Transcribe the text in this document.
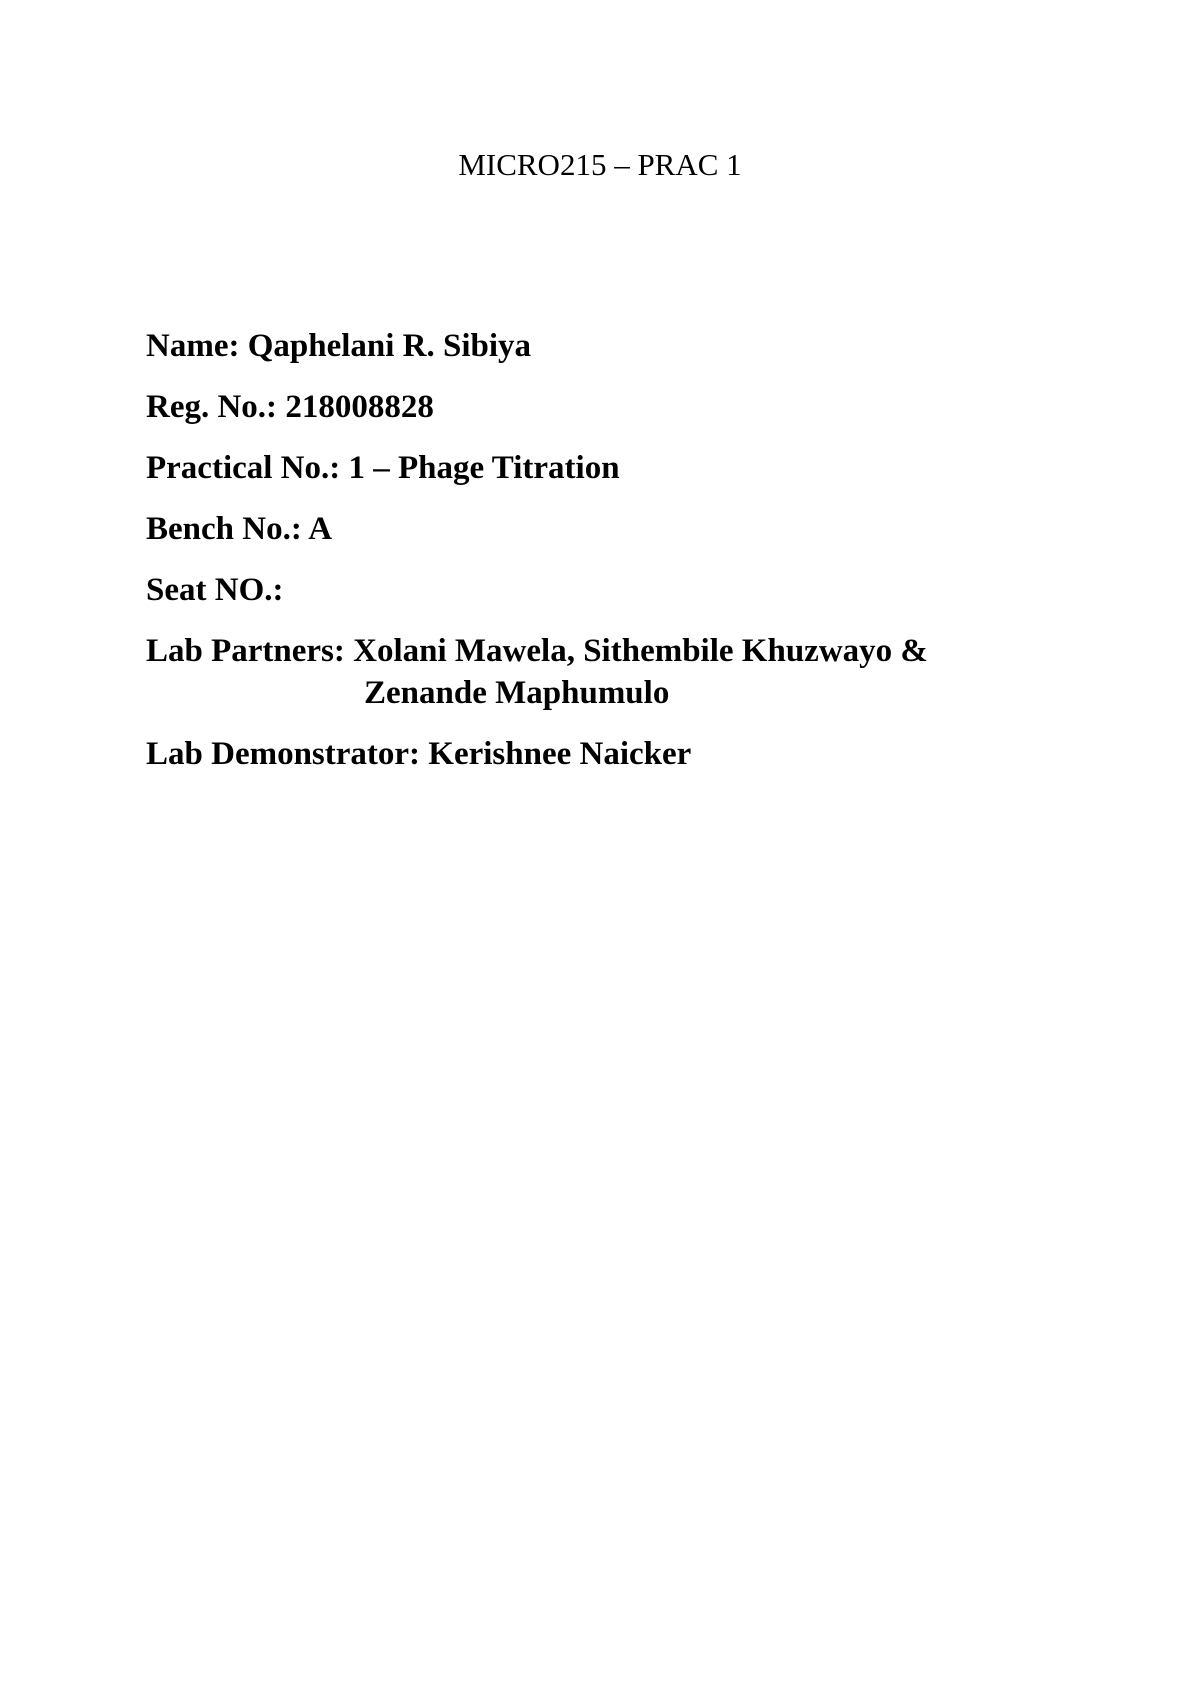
MICRO215 – PRAC 1
Name: Qaphelani R. Sibiya
Reg. No.: 218008828
Practical No.: 1 – Phage Titration
Bench No.: A
Seat NO.:
Lab Partners: Xolani Mawela, Sithembile Khuzwayo &
Zenande Maphumulo
Lab Demonstrator: Kerishnee Naicker
